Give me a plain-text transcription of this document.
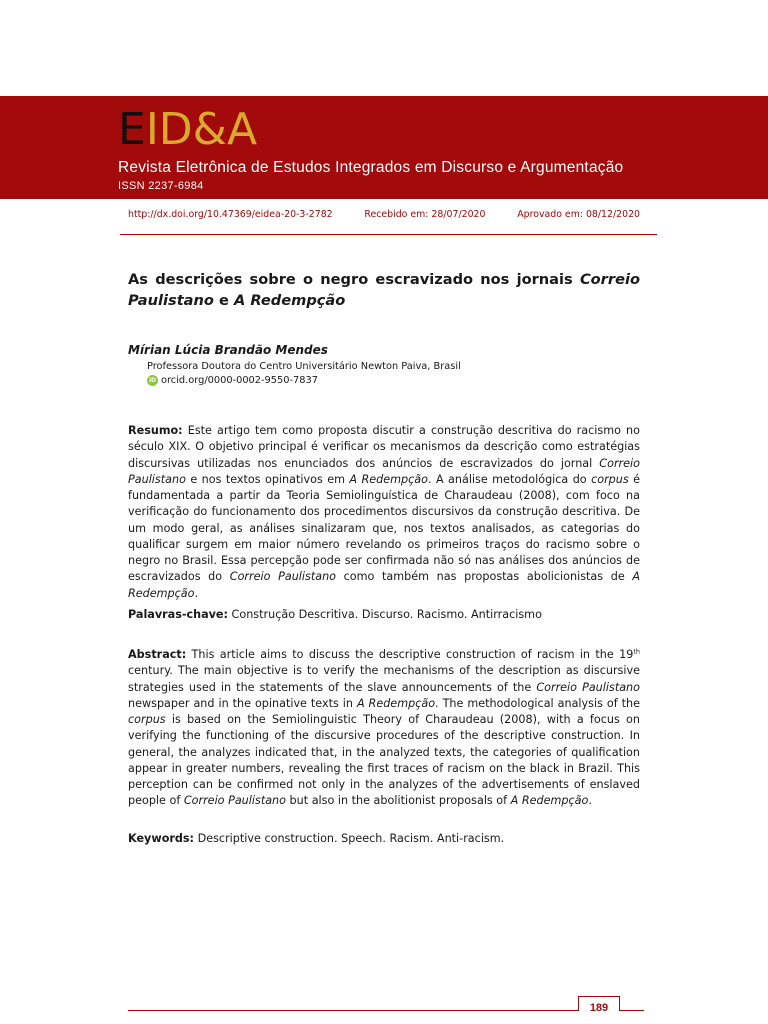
EID&A
Revista Eletrônica de Estudos Integrados em Discurso e Argumentação
ISSN 2237-6984
http://dx.doi.org/10.47369/eidea-20-3-2782	Recebido em: 28/07/2020	Aprovado em: 08/12/2020
As descrições sobre o negro escravizado nos jornais Correio Paulistano e A Redempção
Mírian Lúcia Brandão Mendes
Professora Doutora do Centro Universitário Newton Paiva, Brasil
iD orcid.org/0000-0002-9550-7837
Resumo: Este artigo tem como proposta discutir a construção descritiva do racismo no século XIX. O objetivo principal é verificar os mecanismos da descrição como estratégias discursivas utilizadas nos enunciados dos anúncios de escravizados do jornal Correio Paulistano e nos textos opinativos em A Redempção. A análise metodológica do corpus é fundamentada a partir da Teoria Semiolinguística de Charaudeau (2008), com foco na verificação do funcionamento dos procedimentos discursivos da construção descritiva. De um modo geral, as análises sinalizaram que, nos textos analisados, as categorias do qualificar surgem em maior número revelando os primeiros traços do racismo sobre o negro no Brasil. Essa percepção pode ser confirmada não só nas análises dos anúncios de escravizados do Correio Paulistano como também nas propostas abolicionistas de A Redempção.
Palavras-chave: Construção Descritiva. Discurso. Racismo. Antirracismo
Abstract: This article aims to discuss the descriptive construction of racism in the 19th century. The main objective is to verify the mechanisms of the description as discursive strategies used in the statements of the slave announcements of the Correio Paulistano newspaper and in the opinative texts in A Redempção. The methodological analysis of the corpus is based on the Semiolinguistic Theory of Charaudeau (2008), with a focus on verifying the functioning of the discursive procedures of the descriptive construction. In general, the analyzes indicated that, in the analyzed texts, the categories of qualification appear in greater numbers, revealing the first traces of racism on the black in Brazil. This perception can be confirmed not only in the analyzes of the advertisements of enslaved people of Correio Paulistano but also in the abolitionist proposals of A Redempção.
Keywords: Descriptive construction. Speech. Racism. Anti-racism.
189
